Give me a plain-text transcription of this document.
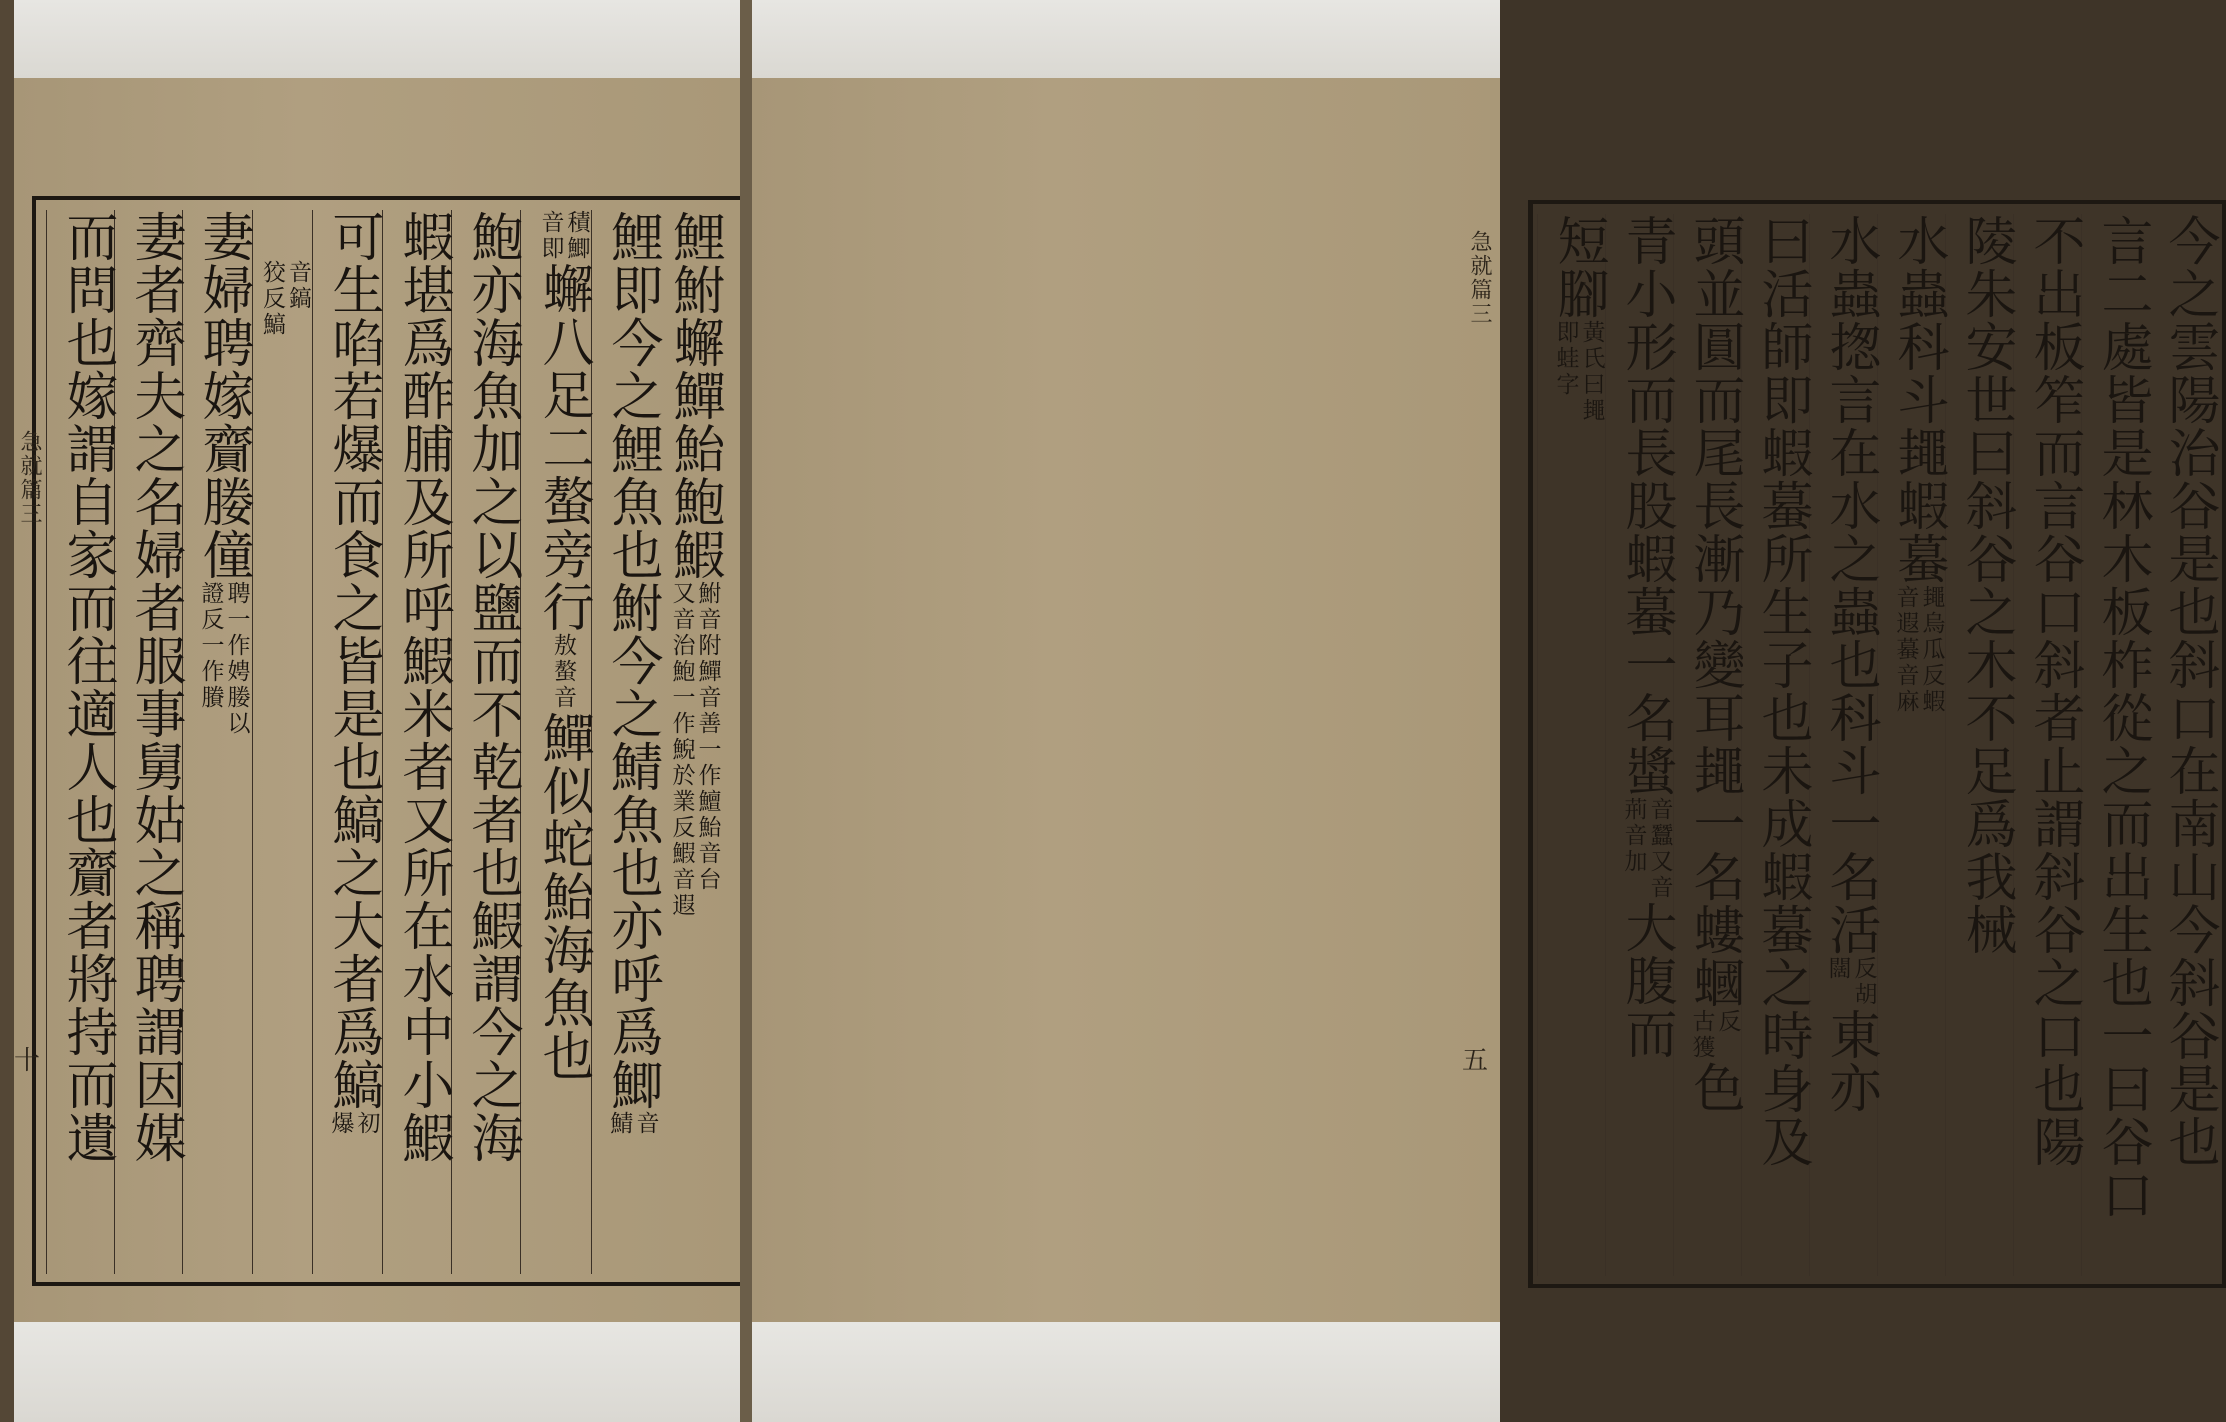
鯉鮒蠏鱓鮐鮑鰕
鮒音附鱓音善一作鱣鮐音台
又音治鮑一作鯢於業反鰕音遐
鯉即今之鯉魚也鮒今之鯖魚也亦呼爲鯽
音
鯖
積鯽
音即
蠏八足二螯旁行敖螯音鱓似蛇鮐海魚也
鮑亦海魚加之以鹽而不乾者也鰕謂今之海
蝦堪爲酢脯及所呼鰕米者又所在水中小鰕
可生啗若爆而食之皆是也鰝之大者爲鰝
初
爆
音鎬
狡反鰝
妻婦聘嫁齎媵僮
聘一作娉媵以
證反一作賸
妻者齊夫之名婦者服事舅姑之稱聘謂因媒
而問也嫁謂自家而往適人也齎者將持而遺
急就篇三
十	今之雲陽治谷是也斜口在南山今斜谷是也
言二處皆是林木板柞從之而出生也一曰谷口
不出板笮而言谷口斜者止謂斜谷之口也陽
陵朱安世曰斜谷之木不足爲我械
水蟲科斗䵷蝦蟇
䵷烏瓜反蝦
音遐蟇音麻
水蟲揔言在水之蟲也科斗一名活
反胡
闊
東亦
曰活師即蝦蟇所生子也未成蝦蟇之時身及
頭並圓而尾長漸乃變耳䵷一名螻蟈
反
古獲
色
青小形而長股蝦蟇一名螿
音蠶又音
荊音加
大腹而
短腳
黃氏曰䵷
即蛙字
急就篇三
五
